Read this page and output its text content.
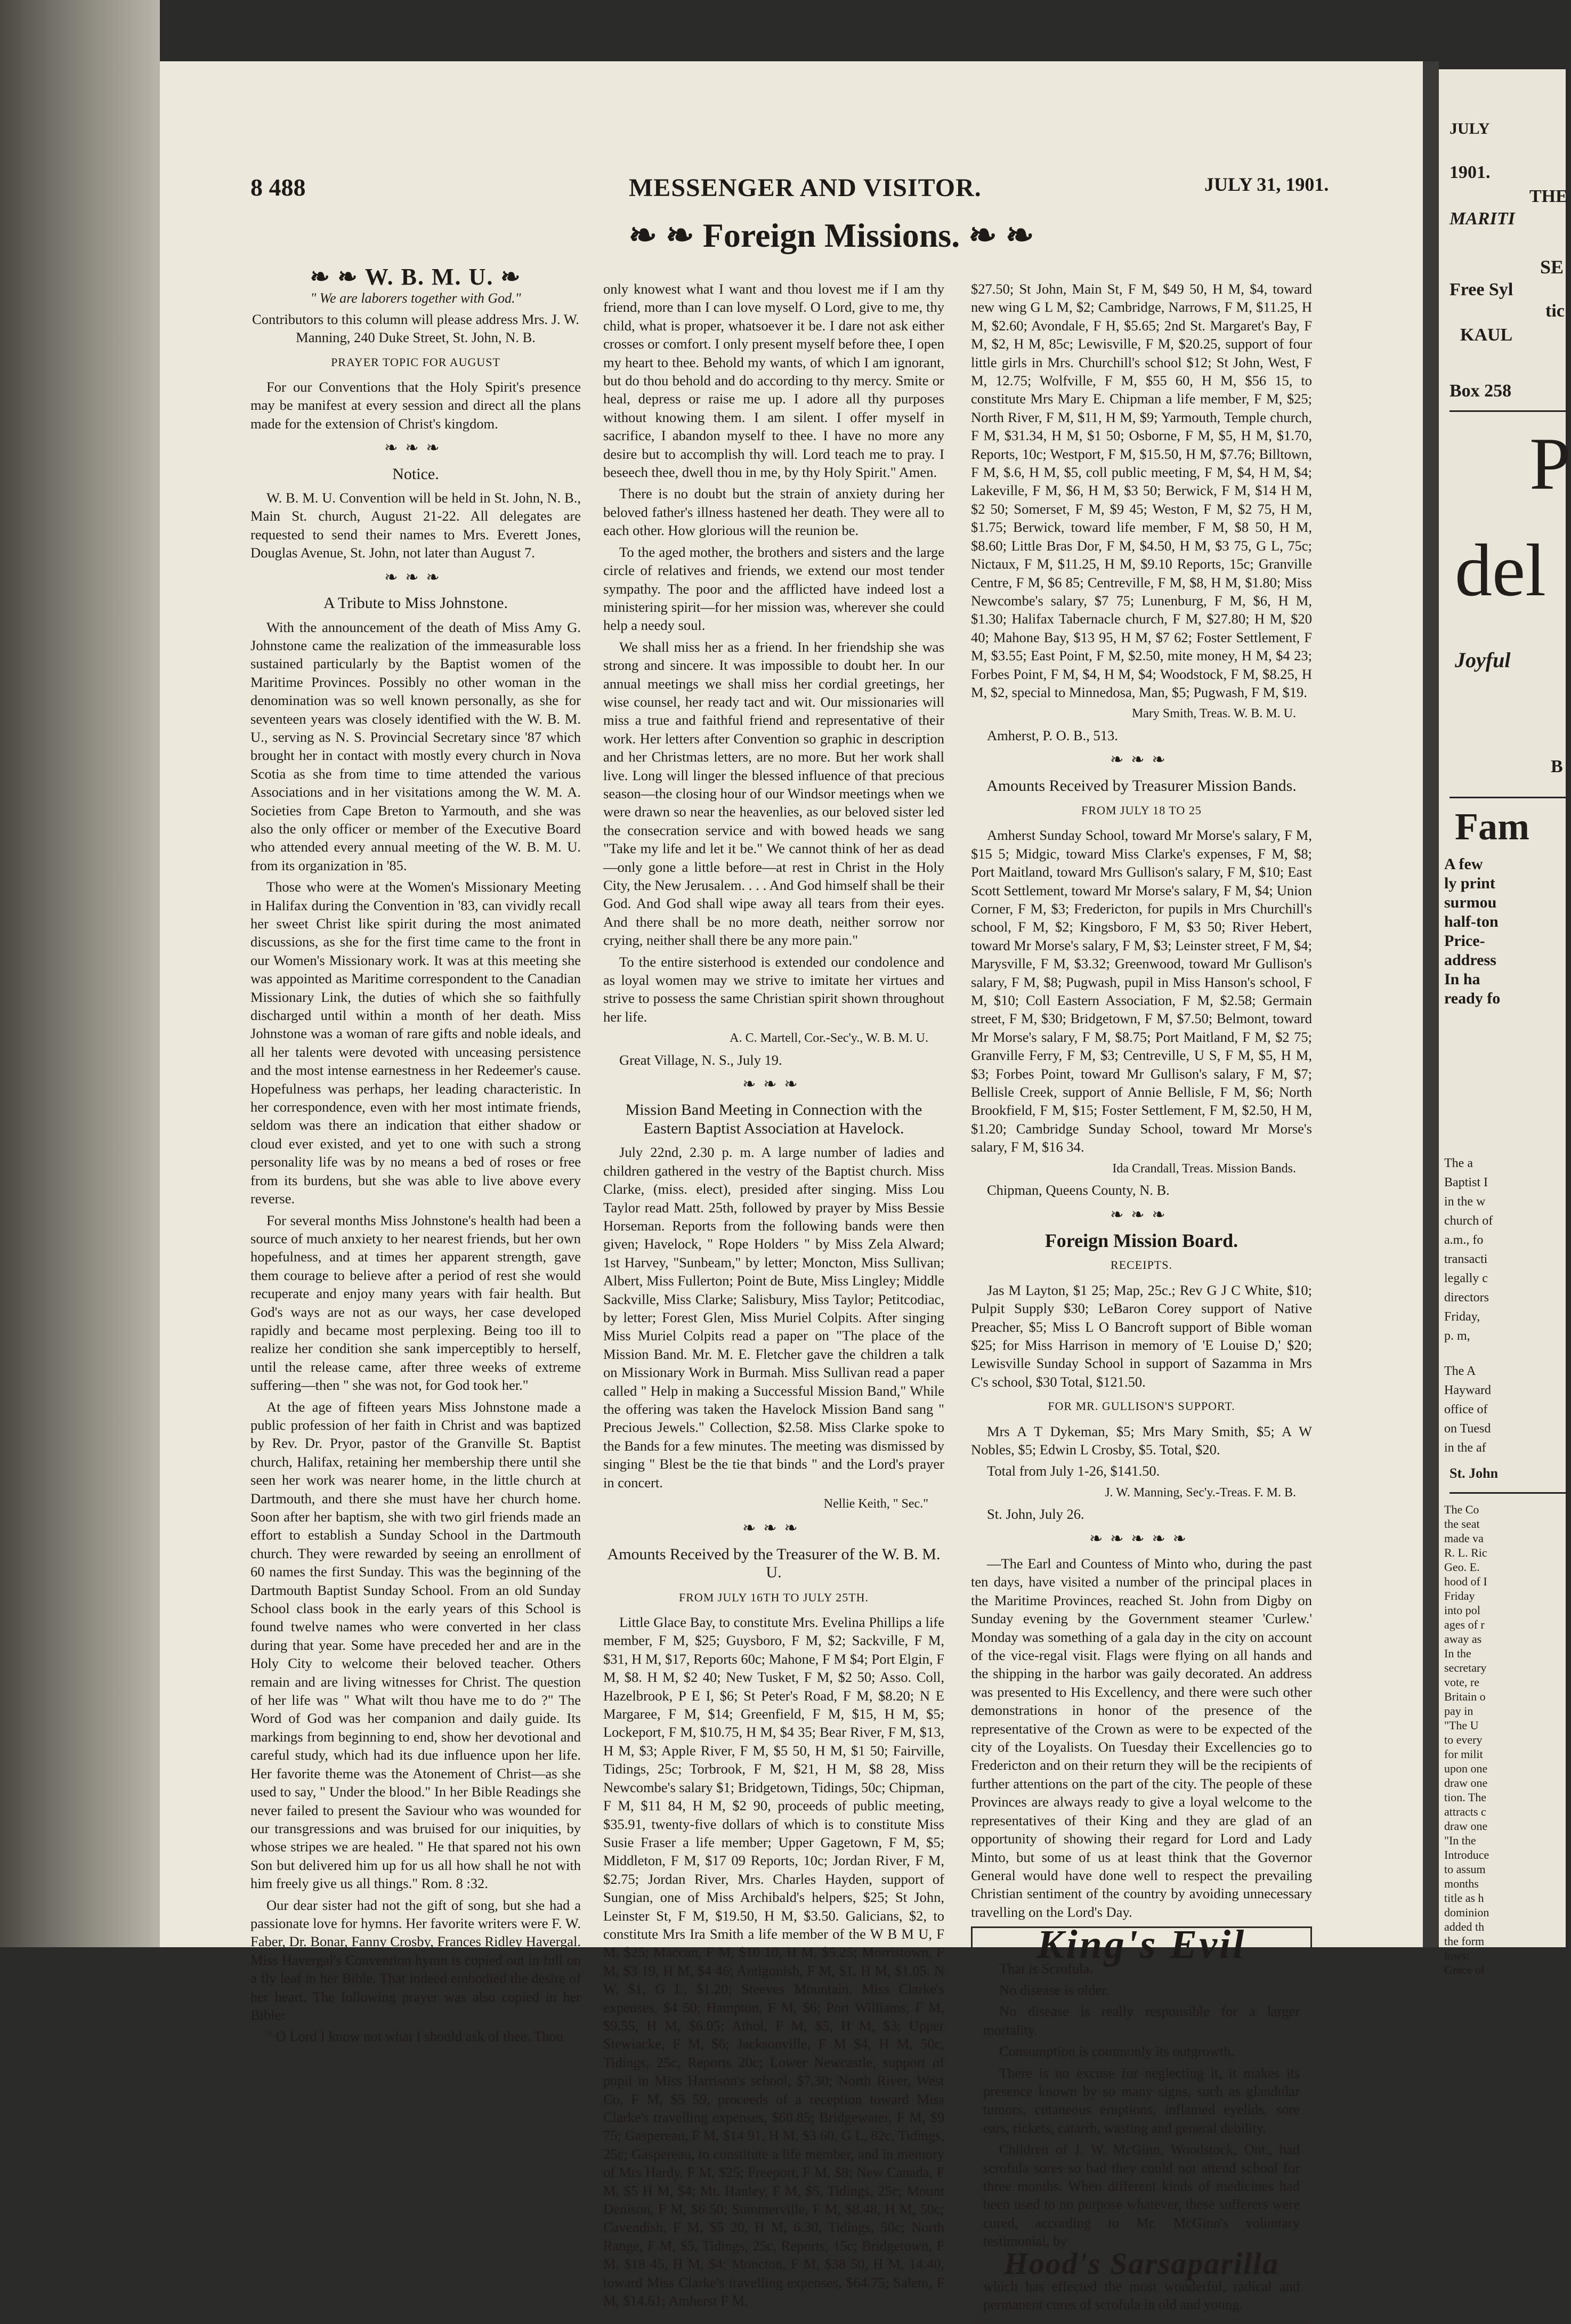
8 488	MESSENGER AND VISITOR.	JULY 31, 1901.
❧ ❧ Foreign Missions. ❧ ❧
❧ ❧ W. B. M. U. ❧

" We are laborers together with God."

Contributors to this column will please address Mrs. J. W. Manning, 240 Duke Street, St. John, N. B.

PRAYER TOPIC FOR AUGUST

For our Conventions that the Holy Spirit's presence may be manifest at every session and direct all the plans made for the extension of Christ's kingdom.

❧❧❧

Notice.

W. B. M. U. Convention will be held in St. John, N. B., Main St. church, August 21-22. All delegates are requested to send their names to Mrs. Everett Jones, Douglas Avenue, St. John, not later than August 7.

❧❧❧

A Tribute to Miss Johnstone.

With the announcement of the death of Miss Amy G. Johnstone came the realization of the immeasurable loss sustained particularly by the Baptist women of the Maritime Provinces. Possibly no other woman in the denomination was so well known personally, as she for seventeen years was closely identified with the W. B. M. U., serving as N. S. Provincial Secretary since '87 which brought her in contact with mostly every church in Nova Scotia as she from time to time attended the various Associations and in her visitations among the W. M. A. Societies from Cape Breton to Yarmouth, and she was also the only officer or member of the Executive Board who attended every annual meeting of the W. B. M. U. from its organization in '85.

Those who were at the Women's Missionary Meeting in Halifax during the Convention in '83, can vividly recall her sweet Christ like spirit during the most animated discussions, as she for the first time came to the front in our Women's Missionary work. It was at this meeting she was appointed as Maritime correspondent to the Canadian Missionary Link, the duties of which she so faithfully discharged until within a month of her death. Miss Johnstone was a woman of rare gifts and noble ideals, and all her talents were devoted with unceasing persistence and the most intense earnestness in her Redeemer's cause. Hopefulness was perhaps, her leading characteristic. In her correspondence, even with her most intimate friends, seldom was there an indication that either shadow or cloud ever existed, and yet to one with such a strong personality life was by no means a bed of roses or free from its burdens, but she was able to live above every reverse.

For several months Miss Johnstone's health had been a source of much anxiety to her nearest friends, but her own hopefulness, and at times her apparent strength, gave them courage to believe after a period of rest she would recuperate and enjoy many years with fair health. But God's ways are not as our ways, her case developed rapidly and became most perplexing. Being too ill to realize her condition she sank imperceptibly to herself, until the release came, after three weeks of extreme suffering—then " she was not, for God took her."

At the age of fifteen years Miss Johnstone made a public profession of her faith in Christ and was baptized by Rev. Dr. Pryor, pastor of the Granville St. Baptist church, Halifax, retaining her membership there until she seen her work was nearer home, in the little church at Dartmouth, and there she must have her church home. Soon after her baptism, she with two girl friends made an effort to establish a Sunday School in the Dartmouth church. They were rewarded by seeing an enrollment of 60 names the first Sunday. This was the beginning of the Dartmouth Baptist Sunday School. From an old Sunday School class book in the early years of this School is found twelve names who were converted in her class during that year. Some have preceded her and are in the Holy City to welcome their beloved teacher. Others remain and are living witnesses for Christ. The question of her life was " What wilt thou have me to do ?" The Word of God was her companion and daily guide. Its markings from beginning to end, show her devotional and careful study, which had its due influence upon her life. Her favorite theme was the Atonement of Christ—as she used to say, " Under the blood." In her Bible Readings she never failed to present the Saviour who was wounded for our transgressions and was bruised for our iniquities, by whose stripes we are healed. " He that spared not his own Son but delivered him up for us all how shall he not with him freely give us all things." Rom. 8 :32.

Our dear sister had not the gift of song, but she had a passionate love for hymns. Her favorite writers were F. W. Faber, Dr. Bonar, Fanny Crosby, Frances Ridley Havergal. Miss Havergal's Convention hymn is copied out in full on a fly leaf in her Bible. That indeed embodied the desire of her heart. The following prayer was also copied in her Bible:

" O Lord I know not what I should ask of thee. Thou

only knowest what I want and thou lovest me if I am thy friend, more than I can love myself. O Lord, give to me, thy child, what is proper, whatsoever it be. I dare not ask either crosses or comfort. I only present myself before thee, I open my heart to thee. Behold my wants, of which I am ignorant, but do thou behold and do according to thy mercy. Smite or heal, depress or raise me up. I adore all thy purposes without knowing them. I am silent. I offer myself in sacrifice, I abandon myself to thee. I have no more any desire but to accomplish thy will. Lord teach me to pray. I beseech thee, dwell thou in me, by thy Holy Spirit." Amen.

There is no doubt but the strain of anxiety during her beloved father's illness hastened her death. They were all to each other. How glorious will the reunion be.

To the aged mother, the brothers and sisters and the large circle of relatives and friends, we extend our most tender sympathy. The poor and the afflicted have indeed lost a ministering spirit—for her mission was, wherever she could help a needy soul.

We shall miss her as a friend. In her friendship she was strong and sincere. It was impossible to doubt her. In our annual meetings we shall miss her cordial greetings, her wise counsel, her ready tact and wit. Our missionaries will miss a true and faithful friend and representative of their work. Her letters after Convention so graphic in description and her Christmas letters, are no more. But her work shall live. Long will linger the blessed influence of that precious season—the closing hour of our Windsor meetings when we were drawn so near the heavenlies, as our beloved sister led the consecration service and with bowed heads we sang "Take my life and let it be." We cannot think of her as dead—only gone a little before—at rest in Christ in the Holy City, the New Jerusalem. . . . And God himself shall be their God. And God shall wipe away all tears from their eyes. And there shall be no more death, neither sorrow nor crying, neither shall there be any more pain."

To the entire sisterhood is extended our condolence and as loyal women may we strive to imitate her virtues and strive to possess the same Christian spirit shown throughout her life.

A. C. Martell, Cor.-Sec'y., W. B. M. U.

Great Village, N. S., July 19.

❧❧❧

Mission Band Meeting in Connection with the Eastern Baptist Association at Havelock.

July 22nd, 2.30 p. m. A large number of ladies and children gathered in the vestry of the Baptist church. Miss Clarke, (miss. elect), presided after singing. Miss Lou Taylor read Matt. 25th, followed by prayer by Miss Bessie Horseman. Reports from the following bands were then given; Havelock, " Rope Holders " by Miss Zela Alward; 1st Harvey, "Sunbeam," by letter; Moncton, Miss Sullivan; Albert, Miss Fullerton; Point de Bute, Miss Lingley; Middle Sackville, Miss Clarke; Salisbury, Miss Taylor; Petitcodiac, by letter; Forest Glen, Miss Muriel Colpits. After singing Miss Muriel Colpits read a paper on "The place of the Mission Band. Mr. M. E. Fletcher gave the children a talk on Missionary Work in Burmah. Miss Sullivan read a paper called " Help in making a Successful Mission Band," While the offering was taken the Havelock Mission Band sang " Precious Jewels." Collection, $2.58. Miss Clarke spoke to the Bands for a few minutes. The meeting was dismissed by singing " Blest be the tie that binds " and the Lord's prayer in concert.

Nellie Keith, " Sec."

❧❧❧

Amounts Received by the Treasurer of the W. B. M. U.

FROM JULY 16TH TO JULY 25TH.

Little Glace Bay, to constitute Mrs. Evelina Phillips a life member, F M, $25; Guysboro, F M, $2; Sackville, F M, $31, H M, $17, Reports 60c; Mahone, F M $4; Port Elgin, F M, $8. H M, $2 40; New Tusket, F M, $2 50; Asso. Coll, Hazelbrook, P E I, $6; St Peter's Road, F M, $8.20; N E Margaree, F M, $14; Greenfield, F M, $15, H M, $5; Lockeport, F M, $10.75, H M, $4 35; Bear River, F M, $13, H M, $3; Apple River, F M, $5 50, H M, $1 50; Fairville, Tidings, 25c; Torbrook, F M, $21, H M, $8 28, Miss Newcombe's salary $1; Bridgetown, Tidings, 50c; Chipman, F M, $11 84, H M, $2 90, proceeds of public meeting, $35.91, twenty-five dollars of which is to constitute Miss Susie Fraser a life member; Upper Gagetown, F M, $5; Middleton, F M, $17 09 Reports, 10c; Jordan River, F M, $2.75; Jordan River, Mrs. Charles Hayden, support of Sungian, one of Miss Archibald's helpers, $25; St John, Leinster St, F M, $19.50, H M, $3.50. Galicians, $2, to constitute Mrs Ira Smith a life member of the W B M U, F M, $25; Maccan, F M, $10 10, H M, $5.25; Morristown, F M, $3 19, H M, $4 46; Antigonish, F M, $1. H M, $1.05. N W, $1, G L, $1.20; Steeves Mountain, Miss Clarke's expenses, $4 50; Hampton, F M, $6; Port Williams, F M, $9.55, H M, $6.05; Athol, F M, $5, H M, $3; Upper Stewiacke, F M, $6; Jacksonville, F M $4, H M, 50c, Tidings, 25c, Reports 20c; Lower Newcastle, support of pupil in Miss Harrison's school, $7.30; North River, West Co, F M, $5 59, proceeds of a reception toward Miss Clarke's travelling expenses, $60.85; Bridgewater, F M, $9 75; Gaspereau, F M, $14 91, H M, $3 60, G L, 82c, Tidings, 25c; Gaspereau, to constitute a life member, and in memory of Mrs Hardy, F M, $25; Freeport, F M, $8; New Canada, F M, $5 H M, $4; Mt. Hanley, F M, $5, Tidings, 25c; Mount Denison, F M, $6 50; Summerville, F M, $8.48, H M, 50c; Cavendish, F M, $5 20, H M, 6.30, Tidings, 50c; North Range, F M, $5, Tidings, 25c, Reports, 15c; Bridgetown, F M, $18 45, H M, $4; Moncton, F M, $38 50, H M, 14.40, toward Miss Clarke's travelling expenses, $64.75; Salem, F M, $14.61; Amherst F M,

$27.50; St John, Main St, F M, $49 50, H M, $4, toward new wing G L M, $2; Cambridge, Narrows, F M, $11.25, H M, $2.60; Avondale, F H, $5.65; 2nd St. Margaret's Bay, F M, $2, H M, 85c; Lewisville, F M, $20.25, support of four little girls in Mrs. Churchill's school $12; St John, West, F M, 12.75; Wolfville, F M, $55 60, H M, $56 15, to constitute Mrs Mary E. Chipman a life member, F M, $25; North River, F M, $11, H M, $9; Yarmouth, Temple church, F M, $31.34, H M, $1 50; Osborne, F M, $5, H M, $1.70, Reports, 10c; Westport, F M, $15.50, H M, $7.76; Billtown, F M, $.6, H M, $5, coll public meeting, F M, $4, H M, $4; Lakeville, F M, $6, H M, $3 50; Berwick, F M, $14 H M, $2 50; Somerset, F M, $9 45; Weston, F M, $2 75, H M, $1.75; Berwick, toward life member, F M, $8 50, H M, $8.60; Little Bras Dor, F M, $4.50, H M, $3 75, G L, 75c; Nictaux, F M, $11.25, H M, $9.10 Reports, 15c; Granville Centre, F M, $6 85; Centreville, F M, $8, H M, $1.80; Miss Newcombe's salary, $7 75; Lunenburg, F M, $6, H M, $1.30; Halifax Tabernacle church, F M, $27.80; H M, $20 40; Mahone Bay, $13 95, H M, $7 62; Foster Settlement, F M, $3.55; East Point, F M, $2.50, mite money, H M, $4 23; Forbes Point, F M, $4, H M, $4; Woodstock, F M, $8.25, H M, $2, special to Minnedosa, Man, $5; Pugwash, F M, $19.

Mary Smith, Treas. W. B. M. U.

Amherst, P. O. B., 513.

❧❧❧

Amounts Received by Treasurer Mission Bands.

FROM JULY 18 TO 25

Amherst Sunday School, toward Mr Morse's salary, F M, $15 5; Midgic, toward Miss Clarke's expenses, F M, $8; Port Maitland, toward Mrs Gullison's salary, F M, $10; East Scott Settlement, toward Mr Morse's salary, F M, $4; Union Corner, F M, $3; Fredericton, for pupils in Mrs Churchill's school, F M, $2; Kingsboro, F M, $3 50; River Hebert, toward Mr Morse's salary, F M, $3; Leinster street, F M, $4; Marysville, F M, $3.32; Greenwood, toward Mr Gullison's salary, F M, $8; Pugwash, pupil in Miss Hanson's school, F M, $10; Coll Eastern Association, F M, $2.58; Germain street, F M, $30; Bridgetown, F M, $7.50; Belmont, toward Mr Morse's salary, F M, $8.75; Port Maitland, F M, $2 75; Granville Ferry, F M, $3; Centreville, U S, F M, $5, H M, $3; Forbes Point, toward Mr Gullison's salary, F M, $7; Bellisle Creek, support of Annie Bellisle, F M, $6; North Brookfield, F M, $15; Foster Settlement, F M, $2.50, H M, $1.20; Cambridge Sunday School, toward Mr Morse's salary, F M, $16 34.

Ida Crandall, Treas. Mission Bands.

Chipman, Queens County, N. B.

❧❧❧

Foreign Mission Board.

RECEIPTS.

Jas M Layton, $1 25; Map, 25c.; Rev G J C White, $10; Pulpit Supply $30; LeBaron Corey support of Native Preacher, $5; Miss L O Bancroft support of Bible woman $25; for Miss Harrison in memory of 'E Louise D,' $20; Lewisville Sunday School in support of Sazamma in Mrs C's school, $30 Total, $121.50.

FOR MR. GULLISON'S SUPPORT.

Mrs A T Dykeman, $5; Mrs Mary Smith, $5; A W Nobles, $5; Edwin L Crosby, $5. Total, $20.

Total from July 1-26, $141.50.

J. W. Manning, Sec'y.-Treas. F. M. B.

St. John, July 26.

❧❧❧❧❧

—The Earl and Countess of Minto who, during the past ten days, have visited a number of the principal places in the Maritime Provinces, reached St. John from Digby on Sunday evening by the Government steamer 'Curlew.' Monday was something of a gala day in the city on account of the vice-regal visit. Flags were flying on all hands and the shipping in the harbor was gaily decorated. An address was presented to His Excellency, and there were such other demonstrations in honor of the presence of the representative of the Crown as were to be expected of the city of the Loyalists. On Tuesday their Excellencies go to Fredericton and on their return they will be the recipients of further attentions on the part of the city. The people of these Provinces are always ready to give a loyal welcome to the representatives of their King and they are glad of an opportunity of showing their regard for Lord and Lady Minto, but some of us at least think that the Governor General would have done well to respect the prevailing Christian sentiment of the country by avoiding unnecessary travelling on the Lord's Day.

King's Evil

That is Scrofula.

No disease is older.

No disease is really responsible for a larger mortality.

Consumption is commonly its outgrowth.

There is no excuse for neglecting it, it makes its presence known by so many signs, such as glandular tumors, cutaneous eruptions, inflamed eyelids, sore ears, rickets, catarrh, wasting and general debility.

Children of J. W. McGinn, Woodstock, Ont., had scrofula sores so bad they could not attend school for three months. When different kinds of medicines had been used to no purpose whatever, these sufferers were cured, according to Mr. McGinn's voluntary testimonial, by

Hood's Sarsaparilla

which has effected the most wonderful, radical and permanent cures of scrofula in old and young.

JULY
1901.
THE
MARITI
SE
Free Syl
tic
KAUL
Box 258
P
del
Joyful
B
Fam
A few
ly print
surmou
half-ton
Price-
address
In ha
ready fo
The a
Baptist I
in the w
church of
a.m., fo
transacti
legally c
directors
Friday,
p. m,
The A
Hayward
office of
on Tuesd
in the af
St. John
The Co
the seat
made va
R. L. Ric
Geo. E.
hood of I
Friday
into pol
ages of r
away as
In the
secretary
vote, re
Britain o
pay in
"The U
to every
for milit
upon one
draw one
tion. The
attracts c
draw one
"In the
Introduce
to assum
months
title as h
dominion
added th
the form
lows:
Grace of
